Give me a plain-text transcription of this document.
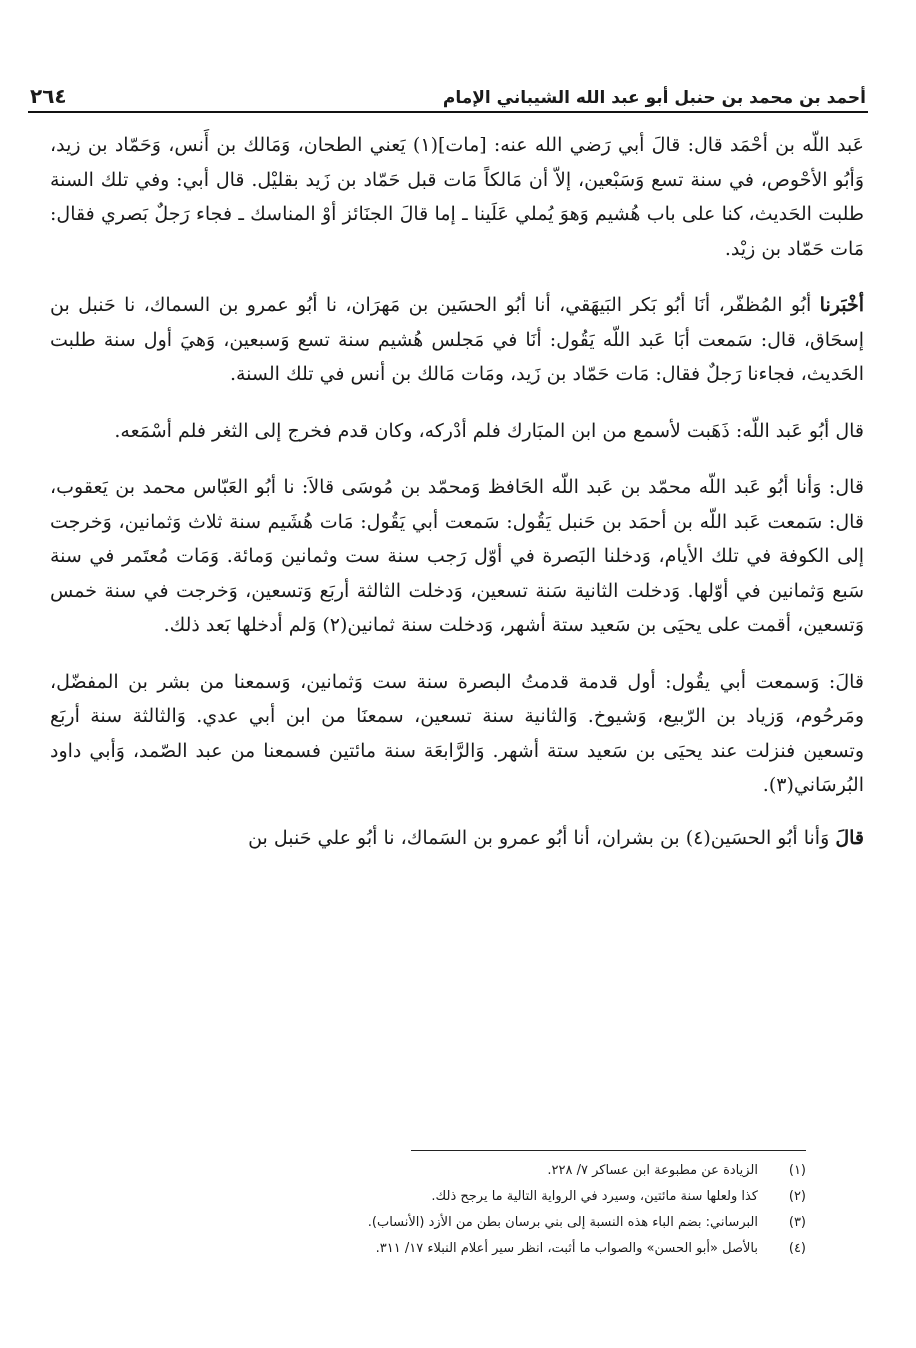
أحمد بن محمد بن حنبل أبو عبد الله الشيباني الإمام
٢٦٤

عَبد اللّه بن أحْمَد قال: قالَ أبي رَضي الله عنه: [مات](١) يَعني الطحان، وَمَالك بن أَنس، وَحَمّاد بن زيد، وَأبُو الأحْوص، في سنة تسع وَسَبْعين، إلاّ أن مَالكاً مَات قبل حَمّاد بن زَيد بقليْل. قال أبي: وفي تلك السنة طلبت الحَديث، كنا على باب هُشيم وَهوَ يُملي عَلَينا ـ إما قالَ الجنَائز أوْ المناسك ـ فجاء رَجلٌ بَصري فقال: مَات حَمّاد بن زيْد.

أخْبَرنا أبُو المُظفّر، أنَا أبُو بَكر البَيهَقي، أنا أبُو الحسَين بن مَهرَان، نا أبُو عمرو بن السماك، نا حَنبل بن إسحَاق، قال: سَمعت أبَا عَبد اللّه يَقُول: أنَا في مَجلس هُشيم سنة تسع وَسبعين، وَهيَ أول سنة طلبت الحَديث، فجاءنا رَجلٌ فقال: مَات حَمّاد بن زَيد، ومَات مَالك بن أنس في تلك السنة.

قال أبُو عَبد اللّه: ذَهَبت لأسمع من ابن المبَارك فلم أدْركه، وكان قدم فخرج إلى الثغر فلم أسْمَعه.

قال: وَأنا أبُو عَبد اللّه محمّد بن عَبد اللّه الحَافظ وَمحمّد بن مُوسَى قالاَ: نا أبُو العَبّاس محمد بن يَعقوب، قال: سَمعت عَبد اللّه بن أحمَد بن حَنبل يَقُول: سَمعت أبي يَقُول: مَات هُشَيم سنة ثلاث وَثمانين، وَخرجت إلى الكوفة في تلك الأيام، وَدخلنا البَصرة في أوّل رَجب سنة ست وثمانين وَمائة. وَمَات مُعتَمر في سنة سَبع وَثمانين في أوّلها. وَدخلت الثانية سَنة تسعين، وَدخلت الثالثة أربَع وَتسعين، وَخرجت في سنة خمس وَتسعين، أقمت على يحيَى بن سَعيد ستة أشهر، وَدخلت سنة ثمانين(٢) وَلم أدخلها بَعد ذلك.

قالَ: وَسمعت أبي يقُول: أول قدمة قدمتُ البصرة سنة ست وَثمانين، وَسمعنا من بشر بن المفضّل، ومَرحُوم، وَزياد بن الرّبيع، وَشيوخ. وَالثانية سنة تسعين، سمعنَا من ابن أبي عدي. وَالثالثة سنة أربَع وتسعين فنزلت عند يحيَى بن سَعيد ستة أشهر. وَالرَّابعَة سنة مائتين فسمعنا من عبد الصّمد، وَأبي داود البُرسَاني(٣).

قالَ وَأنا أبُو الحسَين(٤) بن بشران، أنا أبُو عمرو بن السَماك، نا أبُو علي حَنبل بن

(١)
الزيادة عن مطبوعة ابن عساكر ٧/ ٢٢٨.
(٢)
كذا ولعلها سنة مائتين، وسيرد في الرواية التالية ما يرجح ذلك.
(٣)
البرساني: بضم الباء هذه النسبة إلى بني برسان بطن من الأزد (الأنساب).
(٤)
بالأصل «أبو الحسن» والصواب ما أثبت، انظر سير أعلام النبلاء ١٧/ ٣١١.
